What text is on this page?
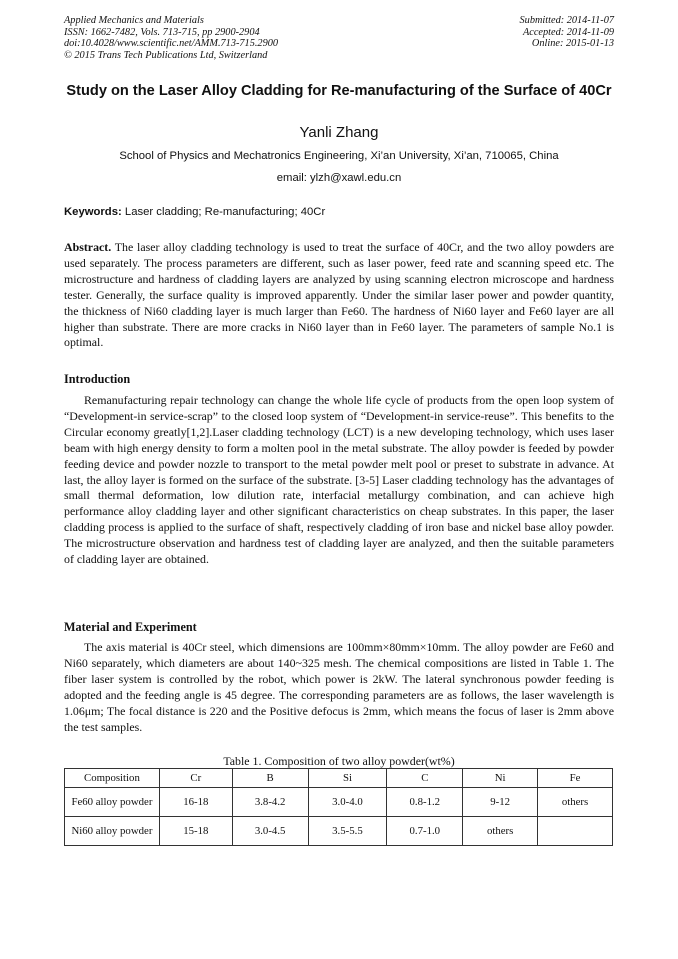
Applied Mechanics and Materials
ISSN: 1662-7482, Vols. 713-715, pp 2900-2904
doi:10.4028/www.scientific.net/AMM.713-715.2900
© 2015 Trans Tech Publications Ltd, Switzerland
Submitted: 2014-11-07
Accepted: 2014-11-09
Online: 2015-01-13
Study on the Laser Alloy Cladding for Re-manufacturing of the Surface of 40Cr
Yanli Zhang
School of Physics and Mechatronics Engineering, Xi’an University, Xi’an, 710065, China
email: ylzh@xawl.edu.cn
Keywords: Laser cladding; Re-manufacturing; 40Cr
Abstract. The laser alloy cladding technology is used to treat the surface of 40Cr, and the two alloy powders are used separately. The process parameters are different, such as laser power, feed rate and scanning speed etc. The microstructure and hardness of cladding layers are analyzed by using scanning electron microscope and hardness tester. Generally, the surface quality is improved apparently. Under the similar laser power and powder quantity, the thickness of Ni60 cladding layer is much larger than Fe60. The hardness of Ni60 layer and Fe60 layer are all higher than substrate. There are more cracks in Ni60 layer than in Fe60 layer. The parameters of sample No.1 is optimal.
Introduction
Remanufacturing repair technology can change the whole life cycle of products from the open loop system of “Development-in service-scrap” to the closed loop system of “Development-in service-reuse”. This benefits to the Circular economy greatly[1,2].Laser cladding technology (LCT) is a new developing technology, which uses laser beam with high energy density to form a molten pool in the metal substrate. The alloy powder is feeded by powder feeding device and powder nozzle to transport to the metal powder melt pool or preset to substrate in advance. At last, the alloy layer is formed on the surface of the substrate. [3-5] Laser cladding technology has the advantages of small thermal deformation, low dilution rate, interfacial metallurgy combination, and can achieve high performance alloy cladding layer and other significant characteristics on cheap substrates. In this paper, the laser cladding process is applied to the surface of shaft, respectively cladding of iron base and nickel base alloy powder. The microstructure observation and hardness test of cladding layer are analyzed, and then the suitable parameters of cladding layer are obtained.
Material and Experiment
The axis material is 40Cr steel, which dimensions are 100mm×80mm×10mm. The alloy powder are Fe60 and Ni60 separately, which diameters are about 140~325 mesh. The chemical compositions are listed in Table 1. The fiber laser system is controlled by the robot, which power is 2kW. The lateral synchronous powder feeding is adopted and the feeding angle is 45 degree. The corresponding parameters are as follows, the laser wavelength is 1.06μm; The focal distance is 220 and the Positive defocus is 2mm, which means the focus of laser is 2mm above the test samples.
Table 1. Composition of two alloy powder(wt%)
Composition	Cr	B	Si	C	Ni	Fe
Fe60 alloy powder	16-18	3.8-4.2	3.0-4.0	0.8-1.2	9-12	others
Ni60 alloy powder	15-18	3.0-4.5	3.5-5.5	0.7-1.0	others	
